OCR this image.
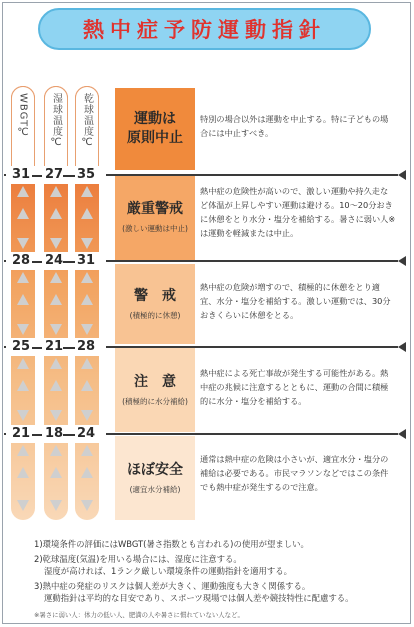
熱中症予防運動指針
WBGT℃ 湿球温度℃ 乾球温度℃
31 27 35
28 24 31
25 21 28
21 18 24
運動は
原則中止
厳重警戒
(激しい運動は中止)
警　戒
(積極的に休憩)
注　意
(積極的に水分補給)
ほぼ安全
(適宜水分補給)
特別の場合以外は運動を中止する。特に子どもの場合には中止すべき。
熱中症の危険性が高いので、激しい運動や持久走など体温が上昇しやすい運動は避ける。10〜20分おきに休憩をとり水分・塩分を補給する。暑さに弱い人※は運動を軽減または中止。
熱中症の危険が増すので、積極的に休憩をとり適宜、水分・塩分を補給する。激しい運動では、30分おきくらいに休憩をとる。
熱中症による死亡事故が発生する可能性がある。熱中症の兆候に注意するとともに、運動の合間に積極的に水分・塩分を補給する。
通常は熱中症の危険は小さいが、適宜水分・塩分の補給は必要である。市民マラソンなどではこの条件でも熱中症が発生するので注意。

1)環境条件の評価にはWBGT(暑さ指数とも言われる)の使用が望ましい。

2)乾球温度(気温)を用いる場合には、湿度に注意する。

湿度が高ければ、1ランク厳しい環境条件の運動指針を適用する。

3)熱中症の発症のリスクは個人差が大きく、運動強度も大きく関係する。

運動指針は平均的な目安であり、スポーツ現場では個人差や競技特性に配慮する。

※暑さに弱い人：体力の低い人、肥満の人や暑さに慣れていない人など。
